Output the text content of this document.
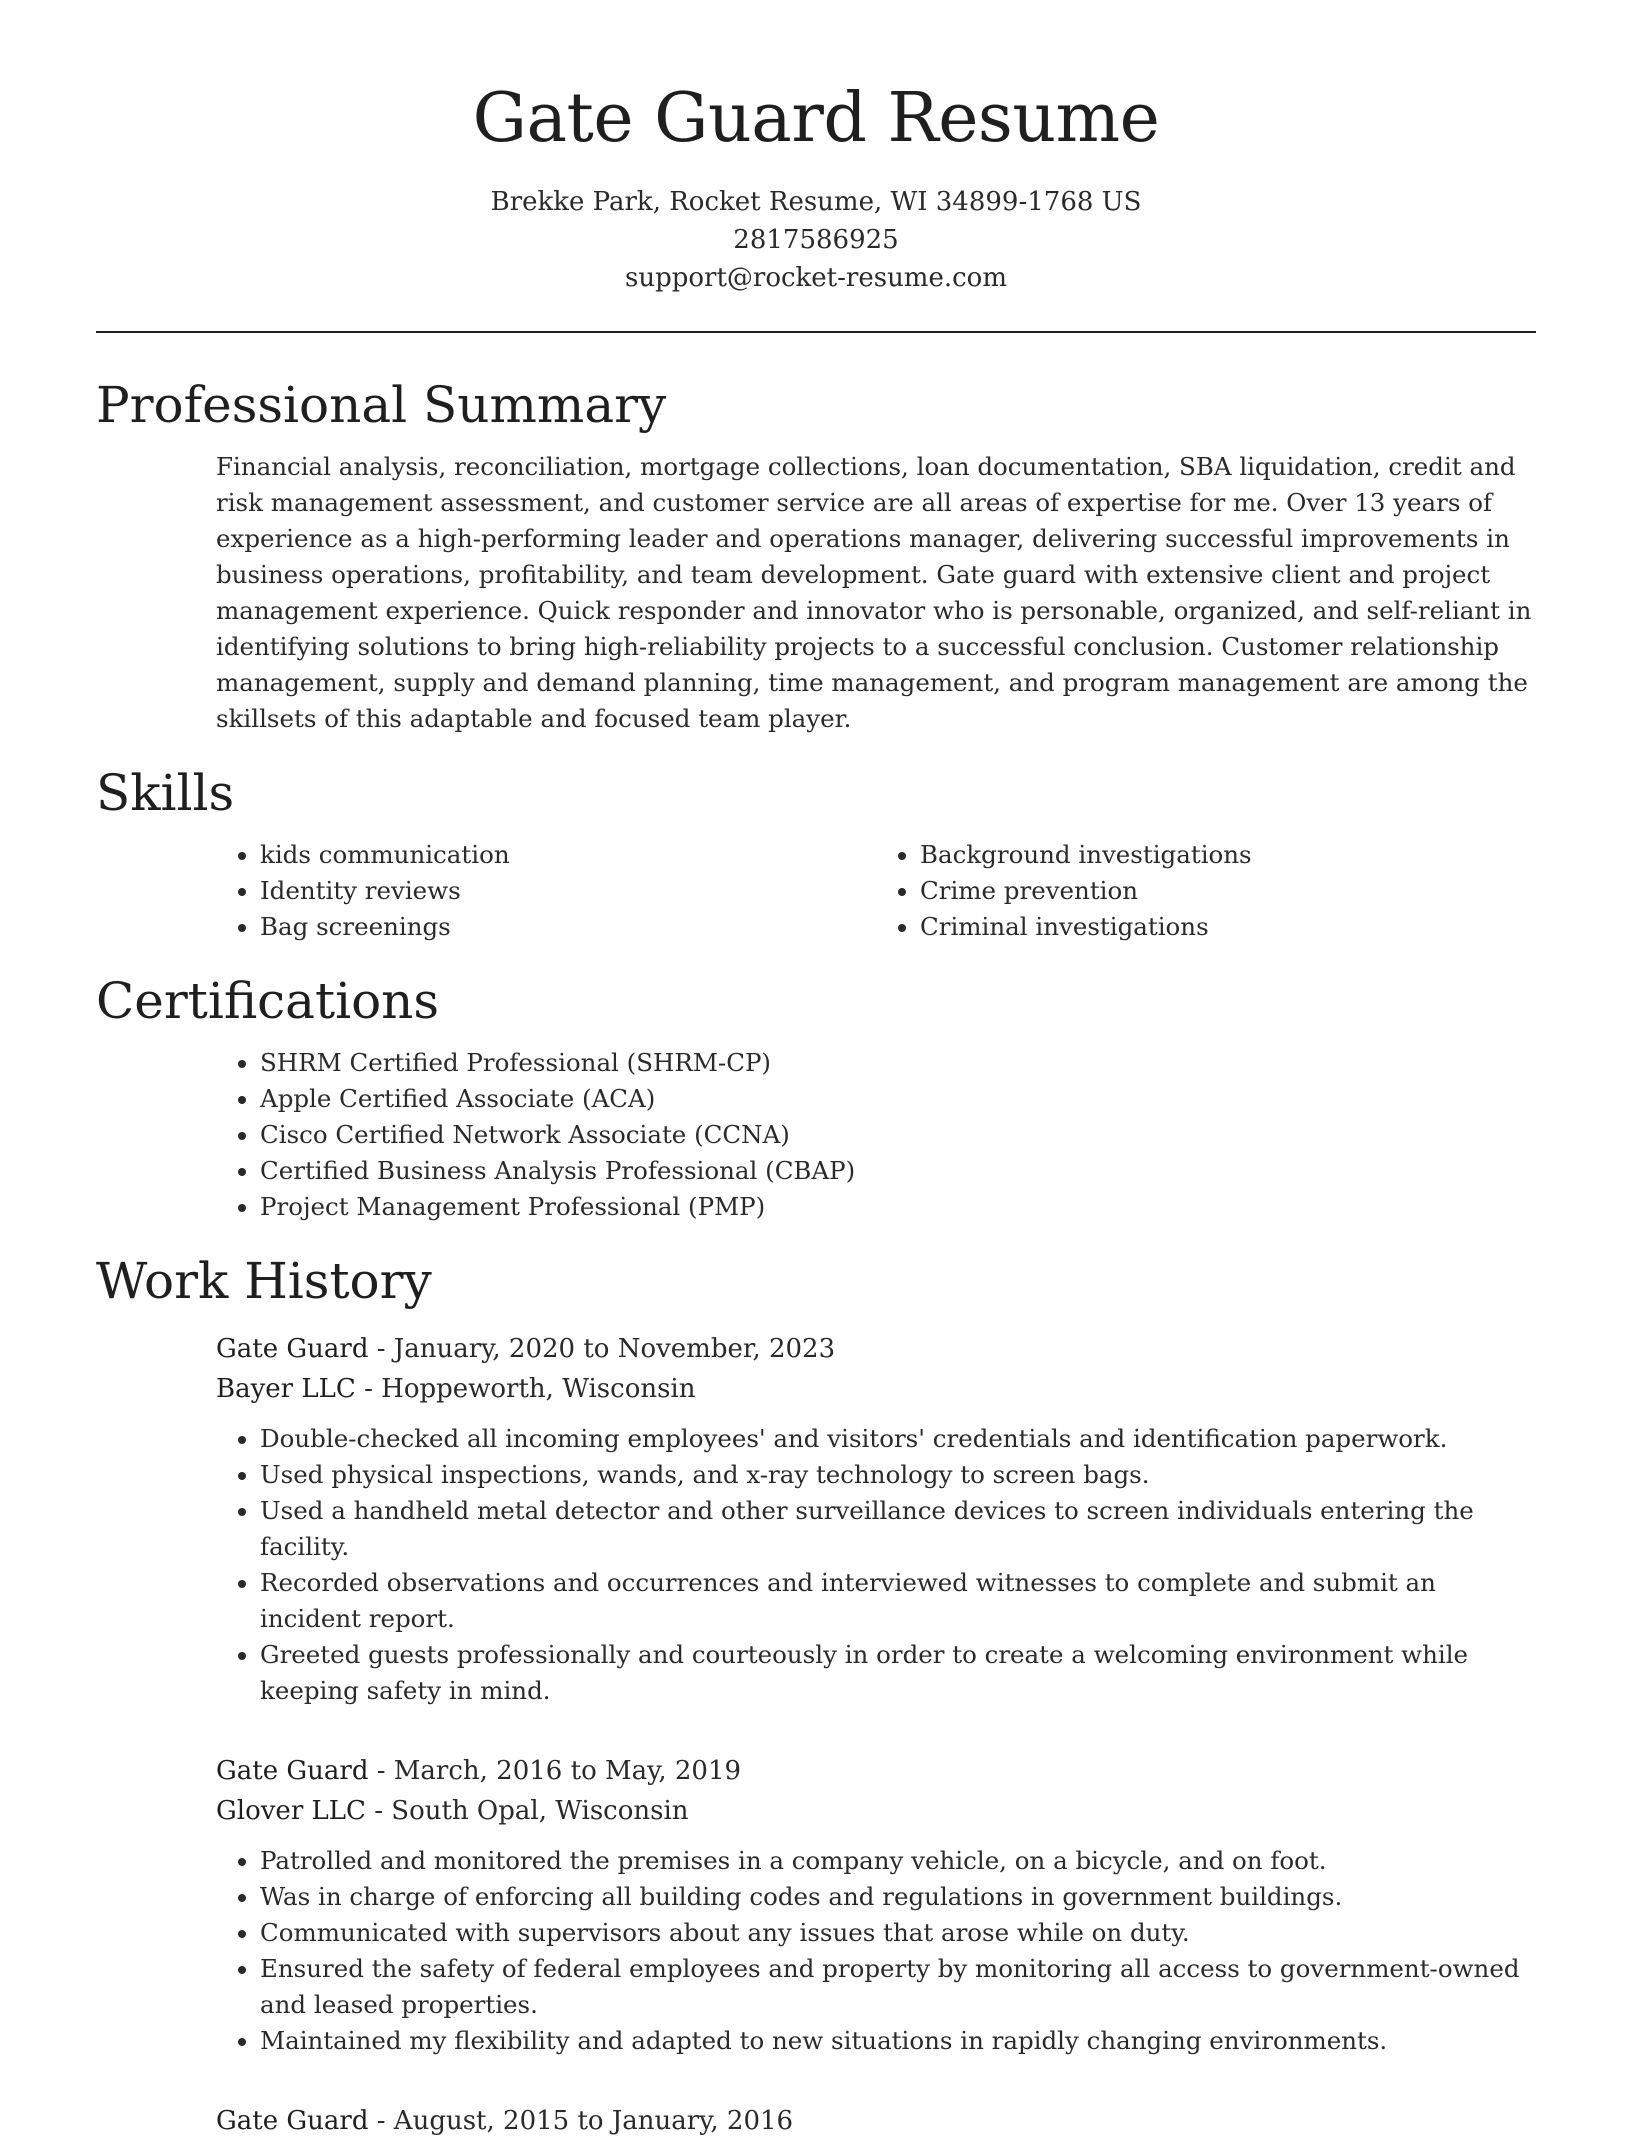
Gate Guard Resume
Brekke Park, Rocket Resume, WI 34899-1768 US
2817586925
support@rocket-resume.com
Professional Summary

Financial analysis, reconciliation, mortgage collections, loan documentation, SBA liquidation, credit and risk management assessment, and customer service are all areas of expertise for me. Over 13 years of experience as a high-performing leader and operations manager, delivering successful improvements in business operations, profitability, and team development. Gate guard with extensive client and project management experience. Quick responder and innovator who is personable, organized, and self-reliant in identifying solutions to bring high-reliability projects to a successful conclusion. Customer relationship management, supply and demand planning, time management, and program management are among the skillsets of this adaptable and focused team player.

Skills
• kids communication
• Identity reviews
• Bag screenings
• Background investigations
• Crime prevention
• Criminal investigations
Certifications
• SHRM Certified Professional (SHRM-CP)
• Apple Certified Associate (ACA)
• Cisco Certified Network Associate (CCNA)
• Certified Business Analysis Professional (CBAP)
• Project Management Professional (PMP)
Work History
Gate Guard - January, 2020 to November, 2023
Bayer LLC - Hoppeworth, Wisconsin
• Double-checked all incoming employees' and visitors' credentials and identification paperwork.
• Used physical inspections, wands, and x-ray technology to screen bags.
• Used a handheld metal detector and other surveillance devices to screen individuals entering the facility.
• Recorded observations and occurrences and interviewed witnesses to complete and submit an incident report.
• Greeted guests professionally and courteously in order to create a welcoming environment while keeping safety in mind.
Gate Guard - March, 2016 to May, 2019
Glover LLC - South Opal, Wisconsin
• Patrolled and monitored the premises in a company vehicle, on a bicycle, and on foot.
• Was in charge of enforcing all building codes and regulations in government buildings.
• Communicated with supervisors about any issues that arose while on duty.
• Ensured the safety of federal employees and property by monitoring all access to government-owned and leased properties.
• Maintained my flexibility and adapted to new situations in rapidly changing environments.
Gate Guard - August, 2015 to January, 2016
